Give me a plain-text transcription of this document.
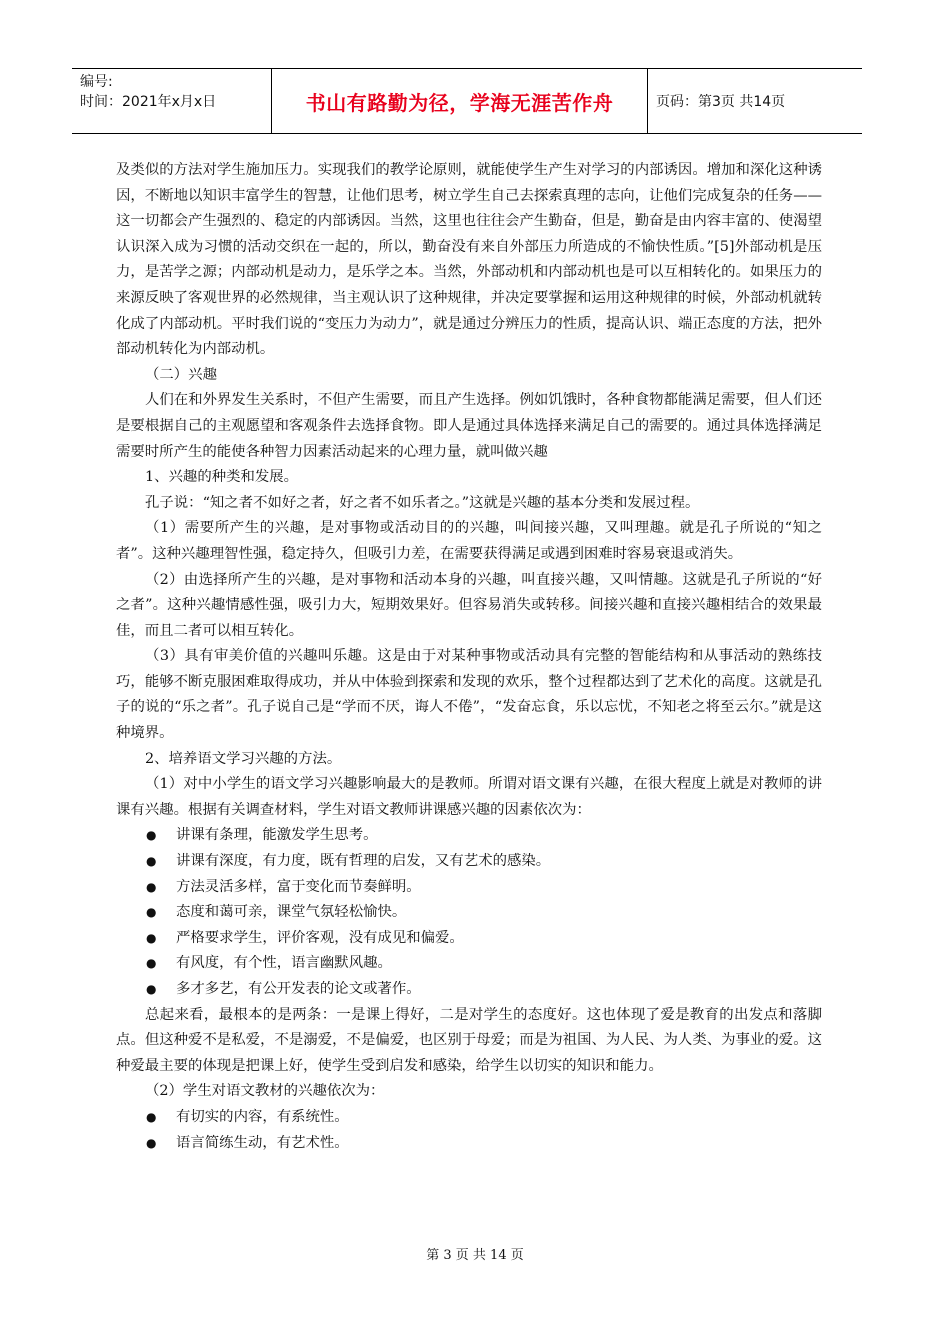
编号:
时间：2021年x月x日	书山有路勤为径，学海无涯苦作舟	页码：第3页 共14页

及类似的方法对学生施加压力。实现我们的教学论原则，就能使学生产生对学习的内部诱因。增加和深化这种诱因，不断地以知识丰富学生的智慧，让他们思考，树立学生自己去探索真理的志向，让他们完成复杂的任务——这一切都会产生强烈的、稳定的内部诱因。当然，这里也往往会产生勤奋，但是，勤奋是由内容丰富的、使渴望认识深入成为习惯的活动交织在一起的，所以，勤奋没有来自外部压力所造成的不愉快性质。”[5]外部动机是压力，是苦学之源；内部动机是动力，是乐学之本。当然，外部动机和内部动机也是可以互相转化的。如果压力的来源反映了客观世界的必然规律，当主观认识了这种规律，并决定要掌握和运用这种规律的时候，外部动机就转化成了内部动机。平时我们说的“变压力为动力”，就是通过分辨压力的性质，提高认识、端正态度的方法，把外部动机转化为内部动机。

（二）兴趣

人们在和外界发生关系时，不但产生需要，而且产生选择。例如饥饿时，各种食物都能满足需要，但人们还是要根据自己的主观愿望和客观条件去选择食物。即人是通过具体选择来满足自己的需要的。通过具体选择满足需要时所产生的能使各种智力因素活动起来的心理力量，就叫做兴趣

1、兴趣的种类和发展。

孔子说：“知之者不如好之者，好之者不如乐者之。”这就是兴趣的基本分类和发展过程。

（1）需要所产生的兴趣，是对事物或活动目的的兴趣，叫间接兴趣，又叫理趣。就是孔子所说的“知之者”。这种兴趣理智性强，稳定持久，但吸引力差，在需要获得满足或遇到困难时容易衰退或消失。

（2）由选择所产生的兴趣，是对事物和活动本身的兴趣，叫直接兴趣，又叫情趣。这就是孔子所说的“好之者”。这种兴趣情感性强，吸引力大，短期效果好。但容易消失或转移。间接兴趣和直接兴趣相结合的效果最佳，而且二者可以相互转化。

（3）具有审美价值的兴趣叫乐趣。这是由于对某种事物或活动具有完整的智能结构和从事活动的熟练技巧，能够不断克服困难取得成功，并从中体验到探索和发现的欢乐，整个过程都达到了艺术化的高度。这就是孔子的说的“乐之者”。孔子说自己是“学而不厌，诲人不倦”，“发奋忘食，乐以忘忧，不知老之将至云尔。”就是这种境界。

2、培养语文学习兴趣的方法。

（1）对中小学生的语文学习兴趣影响最大的是教师。所谓对语文课有兴趣，在很大程度上就是对教师的讲课有兴趣。根据有关调查材料，学生对语文教师讲课感兴趣的因素依次为：

●	讲课有条理，能激发学生思考。
●	讲课有深度，有力度，既有哲理的启发，又有艺术的感染。
●	方法灵活多样，富于变化而节奏鲜明。
●	态度和蔼可亲，课堂气氛轻松愉快。
●	严格要求学生，评价客观，没有成见和偏爱。
●	有风度，有个性，语言幽默风趣。
●	多才多艺，有公开发表的论文或著作。

总起来看，最根本的是两条：一是课上得好，二是对学生的态度好。这也体现了爱是教育的出发点和落脚点。但这种爱不是私爱，不是溺爱，不是偏爱，也区别于母爱；而是为祖国、为人民、为人类、为事业的爱。这种爱最主要的体现是把课上好，使学生受到启发和感染，给学生以切实的知识和能力。

（2）学生对语文教材的兴趣依次为：

●	有切实的内容，有系统性。
●	语言简练生动，有艺术性。
第 3 页 共 14 页
